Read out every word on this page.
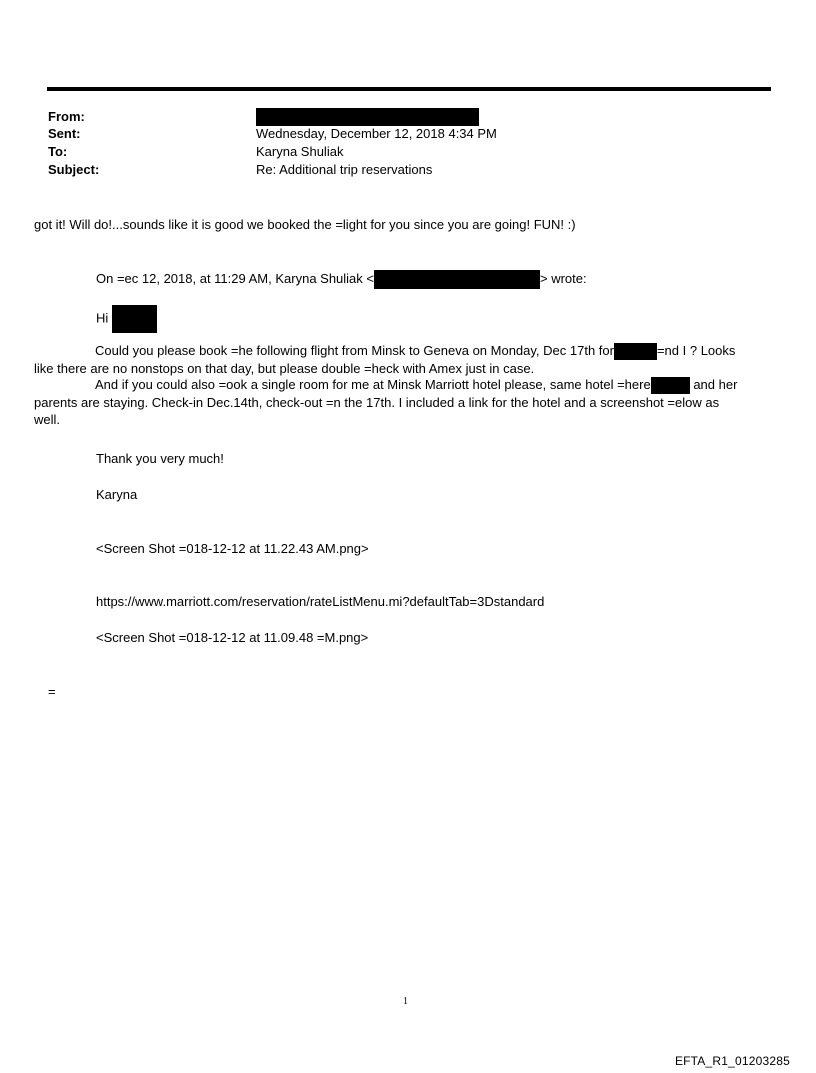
From:
Sent:	Wednesday, December 12, 2018 4:34 PM
To:	Karyna Shuliak
Subject:	Re: Additional trip reservations
got it! Will do!...sounds like it is good we booked the =light for you since you are going! FUN! :)
On =ec 12, 2018, at 11:29 AM, Karyna Shuliak <	> wrote:
Hi
Could you please book =he following flight from Minsk to Geneva on Monday, Dec 17th for	=nd I ? Looks
like there are no nonstops on that day, but please double =heck with Amex just in case.
And if you could also =ook a single room for me at Minsk Marriott hotel please, same hotel =here	and her
parents are staying. Check-in Dec.14th, check-out =n the 17th. I included a link for the hotel and a screenshot =elow as
well.
Thank you very much!
Karyna
<Screen Shot =018-12-12 at 11.22.43 AM.png>
https://www.marriott.com/reservation/rateListMenu.mi?defaultTab=3Dstandard
<Screen Shot =018-12-12 at 11.09.48 =M.png>
=
1
EFTA_R1_01203285
